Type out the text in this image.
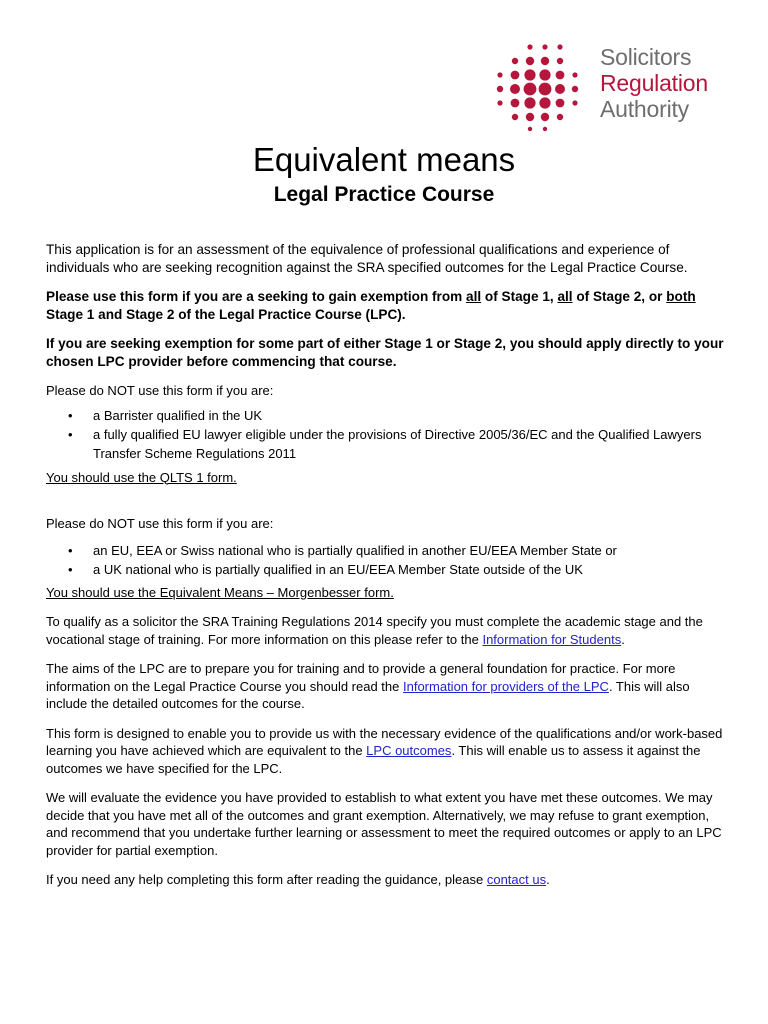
Solicitors
Regulation
Authority
Equivalent means
Legal Practice Course

This application is for an assessment of the equivalence of professional qualifications and experience of individuals who are seeking recognition against the SRA specified outcomes for the Legal Practice Course.

Please use this form if you are a seeking to gain exemption from all of Stage 1, all of Stage 2, or both Stage 1 and Stage 2 of the Legal Practice Course (LPC).

If you are seeking exemption for some part of either Stage 1 or Stage 2, you should apply directly to your chosen LPC provider before commencing that course.

Please do NOT use this form if you are:

• a Barrister qualified in the UK
• a fully qualified EU lawyer eligible under the provisions of Directive 2005/36/EC and the Qualified Lawyers Transfer Scheme Regulations 2011

You should use the QLTS 1 form.

Please do NOT use this form if you are:

• an EU, EEA or Swiss national who is partially qualified in another EU/EEA Member State or
• a UK national who is partially qualified in an EU/EEA Member State outside of the UK

You should use the Equivalent Means – Morgenbesser form.

To qualify as a solicitor the SRA Training Regulations 2014 specify you must complete the academic stage and the vocational stage of training. For more information on this please refer to the Information for Students.

The aims of the LPC are to prepare you for training and to provide a general foundation for practice. For more information on the Legal Practice Course you should read the Information for providers of the LPC. This will also include the detailed outcomes for the course.

This form is designed to enable you to provide us with the necessary evidence of the qualifications and/or work-based learning you have achieved which are equivalent to the LPC outcomes. This will enable us to assess it against the outcomes we have specified for the LPC.

We will evaluate the evidence you have provided to establish to what extent you have met these outcomes. We may decide that you have met all of the outcomes and grant exemption. Alternatively, we may refuse to grant exemption, and recommend that you undertake further learning or assessment to meet the required outcomes or apply to an LPC provider for partial exemption.

If you need any help completing this form after reading the guidance, please contact us.
